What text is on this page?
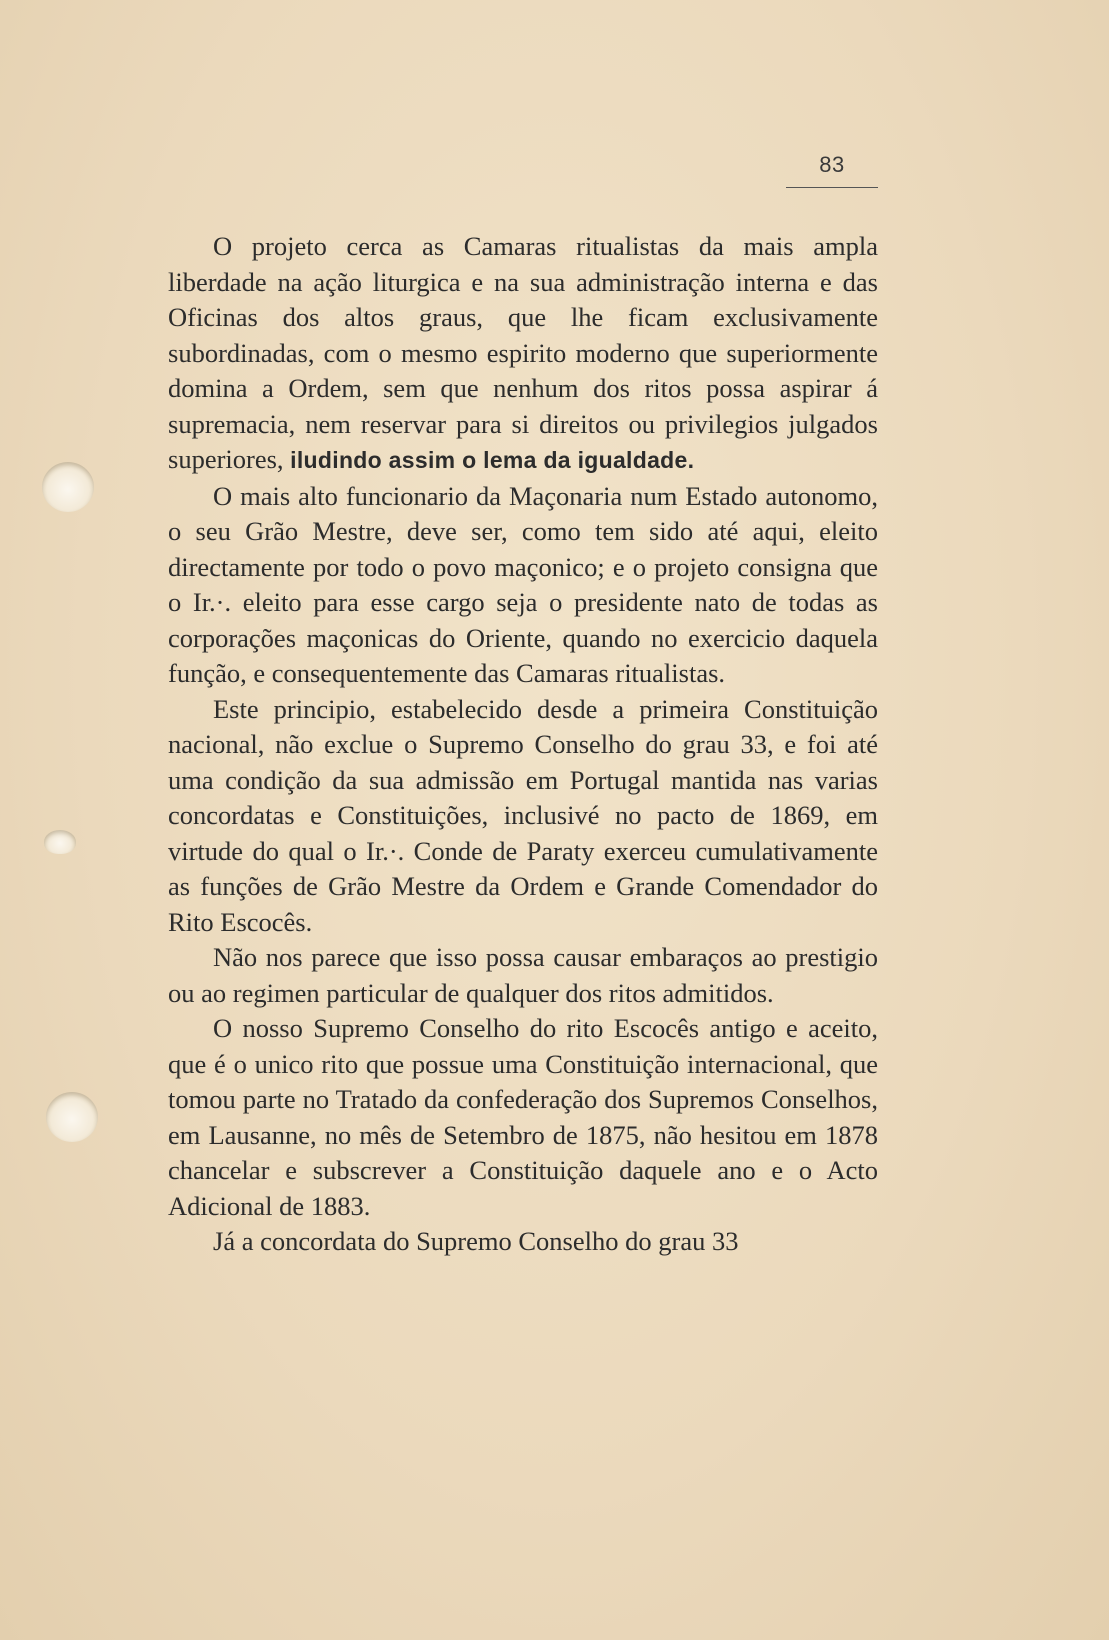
83

O projeto cerca as Camaras ritualistas da mais ampla liberdade na ação liturgica e na sua administração interna e das Oficinas dos altos graus, que lhe ficam exclusivamente subordinadas, com o mesmo espirito moderno que superiormente domina a Ordem, sem que nenhum dos ritos possa aspirar á supremacia, nem reservar para si direitos ou privilegios julgados superiores, iludindo assim o lema da igualdade.

O mais alto funcionario da Maçonaria num Estado autonomo, o seu Grão Mestre, deve ser, como tem sido até aqui, eleito directamente por todo o povo maçonico; e o projeto consigna que o Ir.·. eleito para esse cargo seja o presidente nato de todas as corporações maçonicas do Oriente, quando no exercicio daquela função, e consequentemente das Camaras ritualistas.

Este principio, estabelecido desde a primeira Constituição nacional, não exclue o Supremo Conselho do grau 33, e foi até uma condição da sua admissão em Portugal mantida nas varias concordatas e Constituições, inclusivé no pacto de 1869, em virtude do qual o Ir.·. Conde de Paraty exerceu cumulativamente as funções de Grão Mestre da Ordem e Grande Comendador do Rito Escocês.

Não nos parece que isso possa causar embaraços ao prestigio ou ao regimen particular de qualquer dos ritos admitidos.

O nosso Supremo Conselho do rito Escocês antigo e aceito, que é o unico rito que possue uma Constituição internacional, que tomou parte no Tratado da confederação dos Supremos Conselhos, em Lausanne, no mês de Setembro de 1875, não hesitou em 1878 chancelar e subscrever a Constituição daquele ano e o Acto Adicional de 1883.

Já a concordata do Supremo Conselho do grau 33
